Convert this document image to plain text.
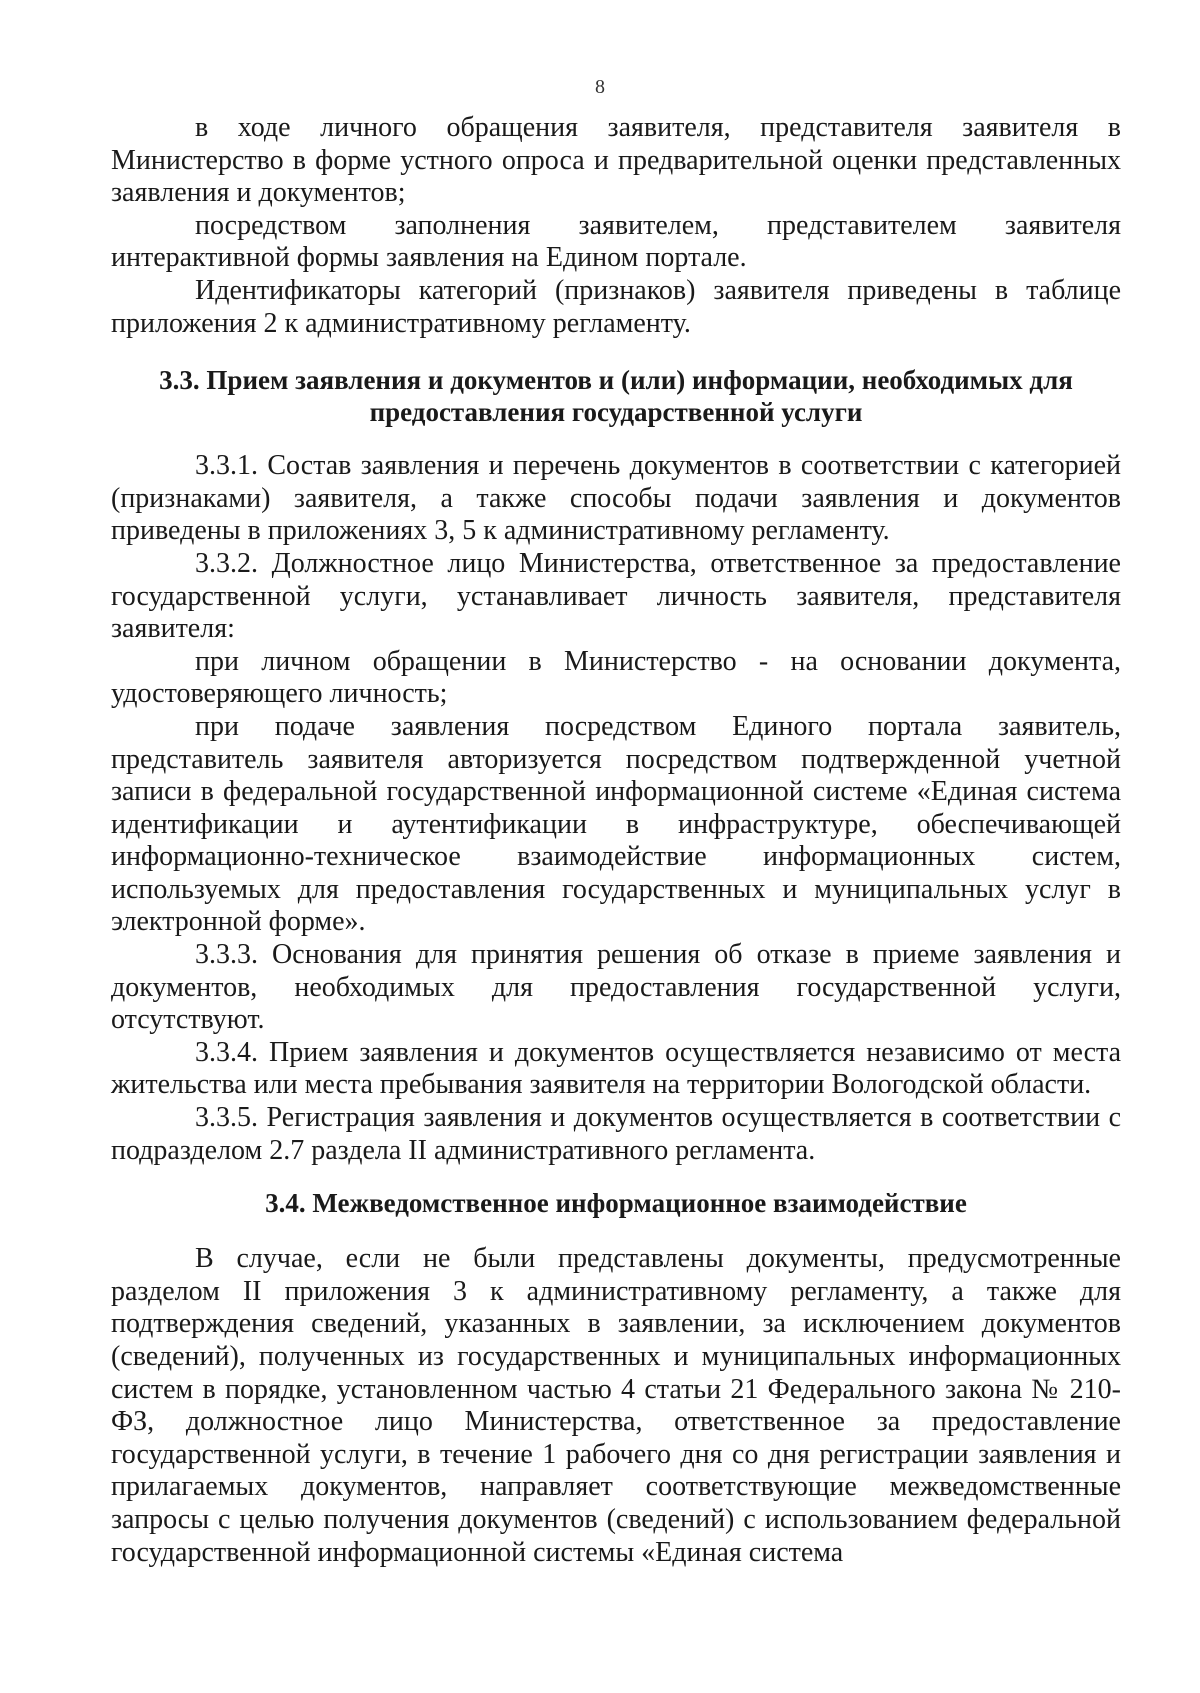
8

в ходе личного обращения заявителя, представителя заявителя в Министерство в форме устного опроса и предварительной оценки представленных заявления и документов;

посредством заполнения заявителем, представителем заявителя интерактивной формы заявления на Едином портале.

Идентификаторы категорий (признаков) заявителя приведены в таблице приложения 2 к административному регламенту.

3.3. Прием заявления и документов и (или) информации, необходимых для предоставления государственной услуги

3.3.1. Состав заявления и перечень документов в соответствии с категорией (признаками) заявителя, а также способы подачи заявления и документов приведены в приложениях 3, 5 к административному регламенту.

3.3.2. Должностное лицо Министерства, ответственное за предоставление государственной услуги, устанавливает личность заявителя, представителя заявителя:

при личном обращении в Министерство - на основании документа, удостоверяющего личность;

при подаче заявления посредством Единого портала заявитель, представитель заявителя авторизуется посредством подтвержденной учетной записи в федеральной государственной информационной системе «Единая система идентификации и аутентификации в инфраструктуре, обеспечивающей информационно-техническое взаимодействие информационных систем, используемых для предоставления государственных и муниципальных услуг в электронной форме».

3.3.3. Основания для принятия решения об отказе в приеме заявления и документов, необходимых для предоставления государственной услуги, отсутствуют.

3.3.4. Прием заявления и документов осуществляется независимо от места жительства или места пребывания заявителя на территории Вологодской области.

3.3.5. Регистрация заявления и документов осуществляется в соответствии с подразделом 2.7 раздела II административного регламента.

3.4. Межведомственное информационное взаимодействие

В случае, если не были представлены документы, предусмотренные разделом II приложения 3 к административному регламенту, а также для подтверждения сведений, указанных в заявлении, за исключением документов (сведений), полученных из государственных и муниципальных информационных систем в порядке, установленном частью 4 статьи 21 Федерального закона № 210-ФЗ, должностное лицо Министерства, ответственное за предоставление государственной услуги, в течение 1 рабочего дня со дня регистрации заявления и прилагаемых документов, направляет соответствующие межведомственные запросы с целью получения документов (сведений) с использованием федеральной государственной информационной системы «Единая система
